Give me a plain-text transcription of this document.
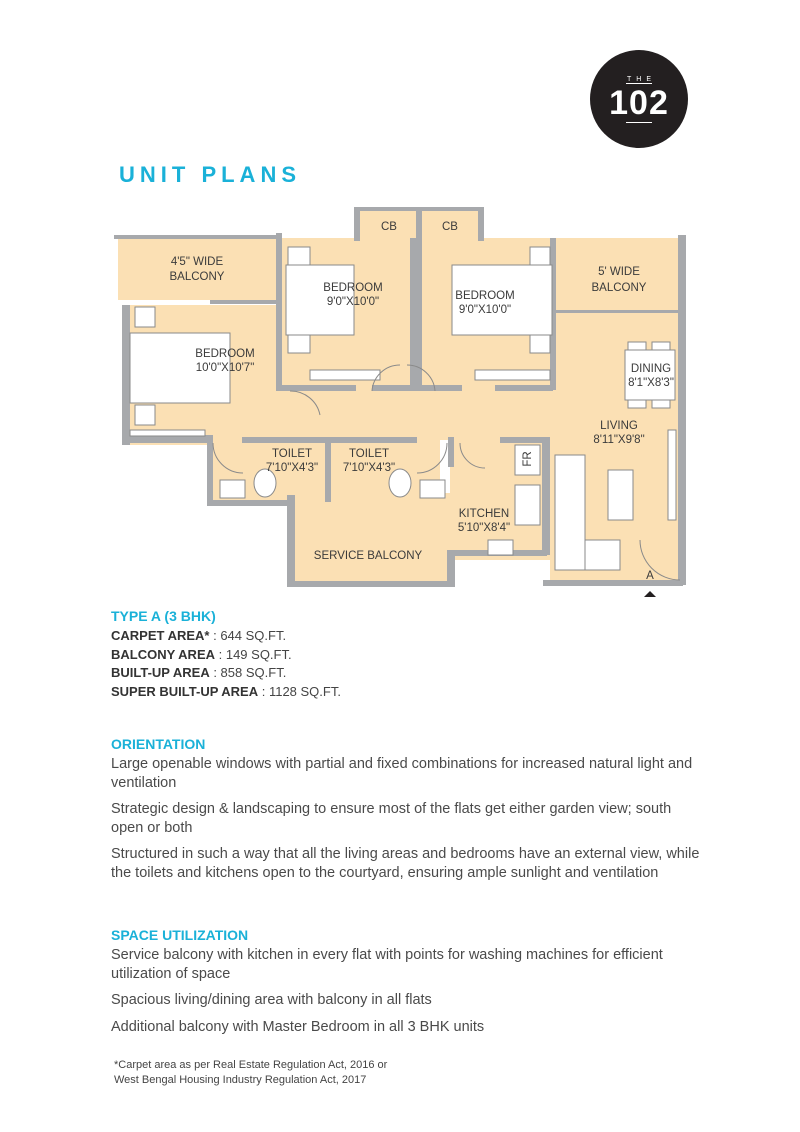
THE
102
UNIT PLANS
4'5" WIDE
BALCONY
CB	CB
BEDROOM
9'0"X10'0"	BEDROOM
9'0"X10'0"
5' WIDE
BALCONY
BEDROOM
10'0"X10'7"	DINING
8'1"X8'3"
LIVING
8'11"X9'8"
TOILET
7'10"X4'3"
TOILET
7'10"X4'3"
FR
KITCHEN
5'10"X8'4"
SERVICE BALCONY
A
TYPE A (3 BHK)
CARPET AREA* : 644 SQ.FT.
BALCONY AREA : 149 SQ.FT.
BUILT-UP AREA : 858 SQ.FT.
SUPER BUILT-UP AREA : 1128 SQ.FT.
ORIENTATION

Large openable windows with partial and fixed combinations for increased natural light and ventilation

Strategic design & landscaping to ensure most of the flats get either garden view; south open or both

Structured in such a way that all the living areas and bedrooms have an external view, while the toilets and kitchens open to the courtyard, ensuring ample sunlight and ventilation

SPACE UTILIZATION

Service balcony with kitchen in every flat with points for washing machines for efficient utilization of space

Spacious living/dining area with balcony in all flats

Additional balcony with Master Bedroom in all 3 BHK units

*Carpet area as per Real Estate Regulation Act, 2016 or
West Bengal Housing Industry Regulation Act, 2017
